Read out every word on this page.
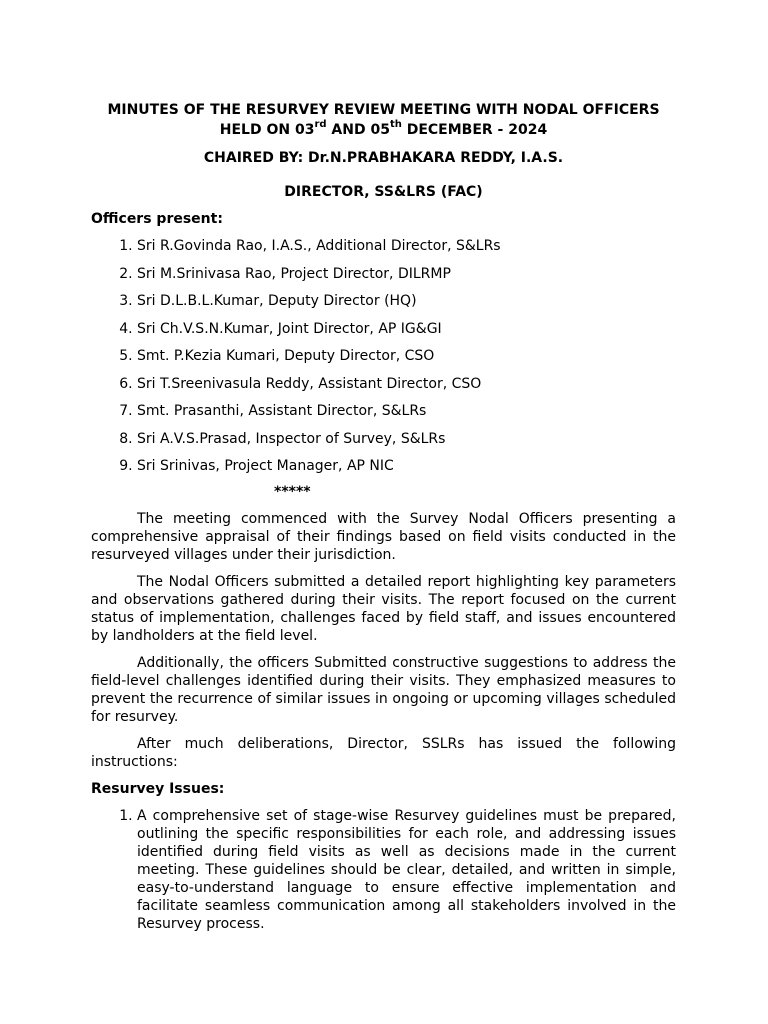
MINUTES OF THE RESURVEY REVIEW MEETING WITH NODAL OFFICERS
HELD ON 03rd AND 05th DECEMBER - 2024
CHAIRED BY: Dr.N.PRABHAKARA REDDY, I.A.S.
DIRECTOR, SS&LRS (FAC)
Officers present:
1. Sri R.Govinda Rao, I.A.S., Additional Director, S&LRs
2. Sri M.Srinivasa Rao, Project Director, DILRMP
3. Sri D.L.B.L.Kumar, Deputy Director (HQ)
4. Sri Ch.V.S.N.Kumar, Joint Director, AP IG&GI
5. Smt. P.Kezia Kumari, Deputy Director, CSO
6. Sri T.Sreenivasula Reddy, Assistant Director, CSO
7. Smt. Prasanthi, Assistant Director, S&LRs
8. Sri A.V.S.Prasad, Inspector of Survey, S&LRs
9. Sri Srinivas, Project Manager, AP NIC
*****

The meeting commenced with the Survey Nodal Officers presenting a comprehensive appraisal of their findings based on field visits conducted in the resurveyed villages under their jurisdiction.

The Nodal Officers submitted a detailed report highlighting key parameters and observations gathered during their visits. The report focused on the current status of implementation, challenges faced by field staff, and issues encountered by landholders at the field level.

Additionally, the officers Submitted constructive suggestions to address the field-level challenges identified during their visits. They emphasized measures to prevent the recurrence of similar issues in ongoing or upcoming villages scheduled for resurvey.

After much deliberations, Director, SSLRs has issued the following instructions:

Resurvey Issues:
1. A comprehensive set of stage-wise Resurvey guidelines must be prepared, outlining the specific responsibilities for each role, and addressing issues identified during field visits as well as decisions made in the current meeting. These guidelines should be clear, detailed, and written in simple, easy-to-understand language to ensure effective implementation and facilitate seamless communication among all stakeholders involved in the Resurvey process.
